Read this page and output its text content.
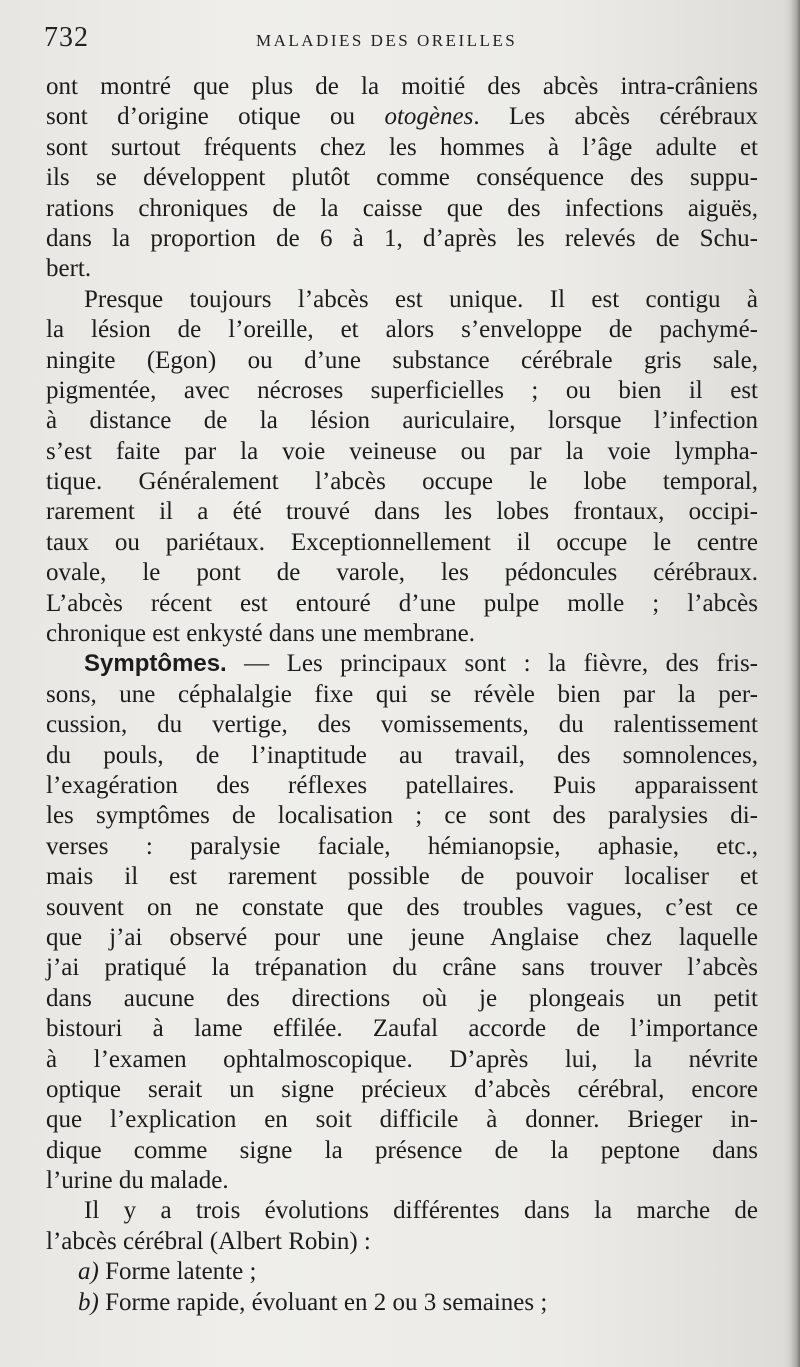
732	MALADIES DES OREILLES
ont montré que plus de la moitié des abcès intra-crâniens
sont d’origine otique ou otogènes. Les abcès cérébraux
sont surtout fréquents chez les hommes à l’âge adulte et
ils se développent plutôt comme conséquence des suppu-
rations chroniques de la caisse que des infections aiguës,
dans la proportion de 6 à 1, d’après les relevés de Schu-
bert.
Presque toujours l’abcès est unique. Il est contigu à
la lésion de l’oreille, et alors s’enveloppe de pachymé-
ningite (Egon) ou d’une substance cérébrale gris sale,
pigmentée, avec nécroses superficielles ; ou bien il est
à distance de la lésion auriculaire, lorsque l’infection
s’est faite par la voie veineuse ou par la voie lympha-
tique. Généralement l’abcès occupe le lobe temporal,
rarement il a été trouvé dans les lobes frontaux, occipi-
taux ou pariétaux. Exceptionnellement il occupe le centre
ovale, le pont de varole, les pédoncules cérébraux.
L’abcès récent est entouré d’une pulpe molle ; l’abcès
chronique est enkysté dans une membrane.
Symptômes. — Les principaux sont : la fièvre, des fris-
sons, une céphalalgie fixe qui se révèle bien par la per-
cussion, du vertige, des vomissements, du ralentissement
du pouls, de l’inaptitude au travail, des somnolences,
l’exagération des réflexes patellaires. Puis apparaissent
les symptômes de localisation ; ce sont des paralysies di-
verses : paralysie faciale, hémianopsie, aphasie, etc.,
mais il est rarement possible de pouvoir localiser et
souvent on ne constate que des troubles vagues, c’est ce
que j’ai observé pour une jeune Anglaise chez laquelle
j’ai pratiqué la trépanation du crâne sans trouver l’abcès
dans aucune des directions où je plongeais un petit
bistouri à lame effilée. Zaufal accorde de l’importance
à l’examen ophtalmoscopique. D’après lui, la névrite
optique serait un signe précieux d’abcès cérébral, encore
que l’explication en soit difficile à donner. Brieger in-
dique comme signe la présence de la peptone dans
l’urine du malade.
Il y a trois évolutions différentes dans la marche de
l’abcès cérébral (Albert Robin) :
a) Forme latente ;
b) Forme rapide, évoluant en 2 ou 3 semaines ;
